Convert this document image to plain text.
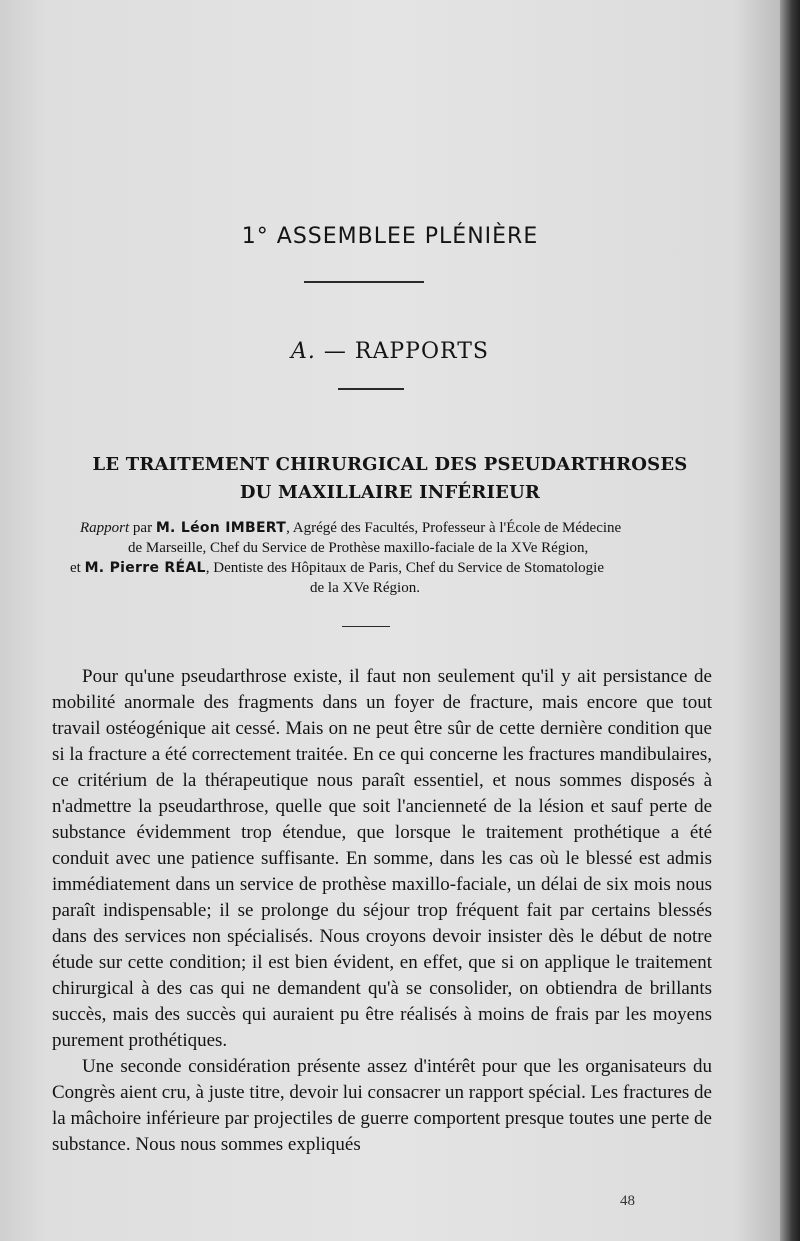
1° ASSEMBLEE PLÉNIÈRE
A. — RAPPORTS
LE TRAITEMENT CHIRURGICAL DES PSEUDARTHROSES
DU MAXILLAIRE INFÉRIEUR
Rapport par M. Léon IMBERT, Agrégé des Facultés, Professeur à l'École de Médecine
de Marseille, Chef du Service de Prothèse maxillo-faciale de la XVe Région,
et M. Pierre RÉAL, Dentiste des Hôpitaux de Paris, Chef du Service de Stomatologie
de la XVe Région.

Pour qu'une pseudarthrose existe, il faut non seulement qu'il y ait persistance de mobilité anormale des fragments dans un foyer de fracture, mais encore que tout travail ostéogénique ait cessé. Mais on ne peut être sûr de cette dernière condition que si la fracture a été correctement traitée. En ce qui concerne les fractures mandibulaires, ce critérium de la thérapeutique nous paraît essentiel, et nous sommes disposés à n'admettre la pseudarthrose, quelle que soit l'ancienneté de la lésion et sauf perte de substance évidemment trop étendue, que lorsque le traitement prothétique a été conduit avec une patience suffisante. En somme, dans les cas où le blessé est admis immédiatement dans un service de prothèse maxillo-faciale, un délai de six mois nous paraît indispensable; il se prolonge du séjour trop fréquent fait par certains blessés dans des services non spécialisés. Nous croyons devoir insister dès le début de notre étude sur cette condition; il est bien évident, en effet, que si on applique le traitement chirurgical à des cas qui ne demandent qu'à se consolider, on obtiendra de brillants succès, mais des succès qui auraient pu être réalisés à moins de frais par les moyens purement prothétiques.

Une seconde considération présente assez d'intérêt pour que les organisateurs du Congrès aient cru, à juste titre, devoir lui consacrer un rapport spécial. Les fractures de la mâchoire inférieure par projectiles de guerre comportent presque toutes une perte de substance. Nous nous sommes expliqués

48
